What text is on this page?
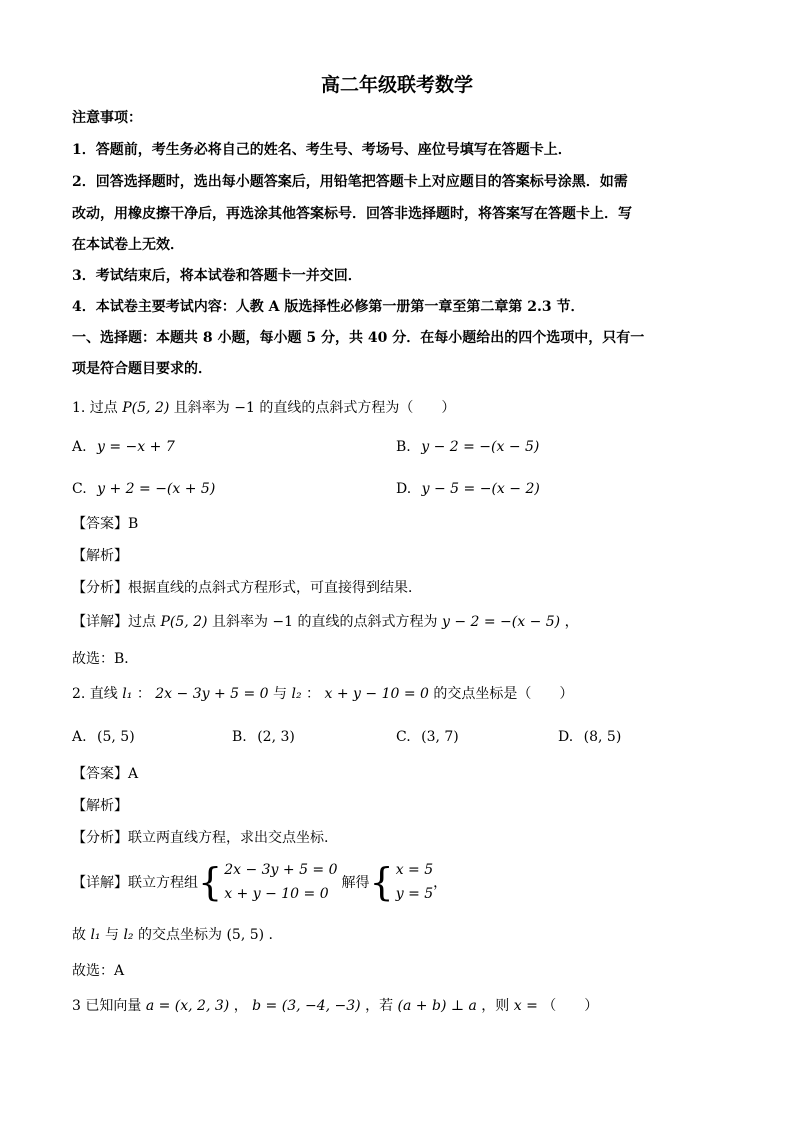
高二年级联考数学
注意事项：
1．答题前，考生务必将自己的姓名、考生号、考场号、座位号填写在答题卡上．
2．回答选择题时，选出每小题答案后，用铅笔把答题卡上对应题目的答案标号涂黑．如需
改动，用橡皮擦干净后，再选涂其他答案标号．回答非选择题时，将答案写在答题卡上．写
在本试卷上无效．
3．考试结束后，将本试卷和答题卡一并交回．
4．本试卷主要考试内容：人教 A 版选择性必修第一册第一章至第二章第 2.3 节．
一、选择题：本题共 8 小题，每小题 5 分，共 40 分．在每小题给出的四个选项中，只有一
项是符合题目要求的．
1. 过点 P(5, 2) 且斜率为 −1 的直线的点斜式方程为（　　）
A. y = −x + 7	B. y − 2 = −(x − 5)
C. y + 2 = −(x + 5)	D. y − 5 = −(x − 2)
【答案】B
【解析】
【分析】根据直线的点斜式方程形式，可直接得到结果．
【详解】过点 P(5, 2) 且斜率为 −1 的直线的点斜式方程为 y − 2 = −(x − 5) ，
故选：B．
2. 直线 l₁ ： 2x − 3y + 5 = 0 与 l₂ ： x + y − 10 = 0 的交点坐标是（　　）
A. (5, 5)	B. (2, 3)	C. (3, 7)	D. (8, 5)
【答案】A
【解析】
【分析】联立两直线方程，求出交点坐标.
【详解】联立方程组 { 2x − 3y + 5 = 0
x + y − 10 = 0
解得 { x = 5
y = 5
，
故 l₁ 与 l₂ 的交点坐标为 (5, 5) .
故选：A
3 已知向量 a = (x, 2, 3) ， b = (3, −4, −3) ，若 (a + b) ⊥ a ，则 x = （　　）
